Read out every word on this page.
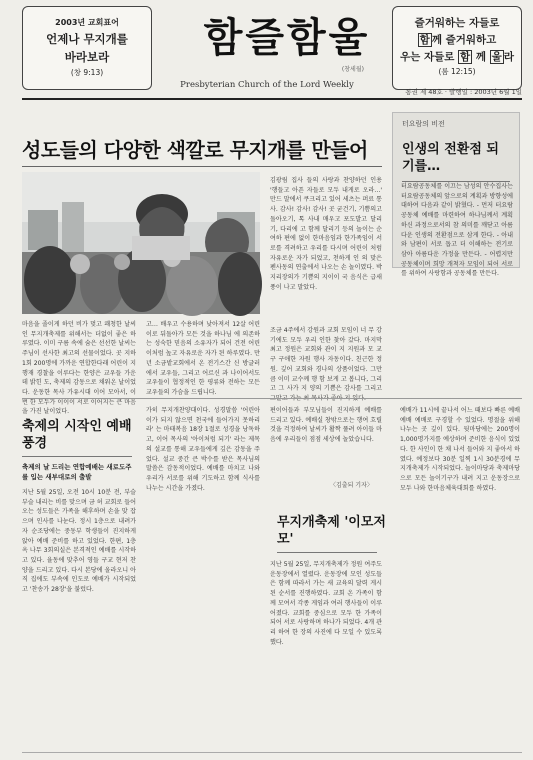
2003년 교회표어
언제나 무지개를
바라보라
(창 9:13)
함즐함울
(창세월)
즐거워하는 자들로
함 께 즐거워하고
우는 자들로 함 께 울 라
(롬 12:15)
Presbyterian Church of the Lord Weekly
통권 제 48호 · 발행일 : 2003년 6월 1일
성도들의 다양한 색깔로 무지개를 만들어
마음을 졸이게 하던 비가 멎고 쾌청한 날씨인 무지개축제를 위해서는 더없이 좋은 하루였다. 이미 구름 속에 숨은 선선한 날씨는 주님이 선사한 최고의 선물이었다. 곳 지하 1회 200명에 가까운 연합한다래 어린이 지 행재 경찰을 이루다는 한양은 교우들 가운데 밝힌 도, 축제의 감동으로 채워온 날이었다. 운동한 목사 가유시대 이어 모아서, 이 번 한 모두가 이이이 서로 이어지는 큰 마음을 가진 날이었다.
고… 배우고 수용하며 낮아져서 12살 어린이로 뒤돌아가 모든 것을 하나님 에 의존하는 성숙한 믿음의 소유자가 되어 건전 어린이처럼 높고 자유로운 자가 된 하루였다. 만년 소금밭교회에서 온 전기스간 신 방글러에서 교우들, 그리고 어르신 과 나이어서도 교우들이 협정적인 한 평류와 전하는 모든 교우들의 가슴을 드립니다.
김광림 집사 들의 사랑과 찬양하던 인용 '행들고 아픈 자들로 모두 내게로 오라…' 만드 말에서 쿠크리고 있어 세츠는 퍼료 통사. 감사! 감사! 감사! 곳 굳건기, 기쁨의고 돌아오기, 톡 사내 매우고 포도발고 달리기, 다리에 고 함께 달리기 등의 놀이는 순여하 편에 없이 한마음임과 한가족임이 서 로를 격려하고 우리를 다시며 어린이 처럼 자유로운 자가 되었고, 천하게 인 의 맞은 펜사동의 연출에서 나오는 손 놀이였다. 박지리장의가 기쁨의 지이이 국 음식은 급새 풍이 나고 말았다.
조금 4주에서 강원과 교회 모임이 너 무 강기에도 모두 우리 인한 찾아 갔다. 마지막 최고 정원은 교회와 관이 지 지원과 모 교구 구애한 자원 행사 자동이다. 친근한 정원. 깊어 교회와 경나의 상품이었다. 그만큼 이미 교수께 행 함 보게 고 봅니다, 그리고 그 사가 지 양의 기쁨은 감사를 그리고
터요람의 비전
인생의 전환점 되기를…
터요람공동체를 이끄는 남성의 안수집사는 터요람공동체의 앞으로의 계획과 방향성에 대하여 다음과 같이 밝혔다. - 먼저 터요람공동체 예배를 마련하여 하나님께서 계획하신 과정으로서의 참 의미를 깨닫고 아름다운 인생의 전환점으로 삼게 한다. - 아내와 남편이 서로 돕고 더 이해하는 전기로 삼아 아름다운 가정을 만든다. - 어렵지만 공동체이며 희망 개척자 모임이 되어 서로를 위하여 사랑함과 공동체를 만든다.
축제의 시작인 예배풍경
축제의 날 드리는 연합예배는 새로도주를 입는 새부대로의 출발
지난 5월 25일, 오전 10시 10분 전, 부슬부슬 내리는 비를 맞으며 금 허 교회로 들어오는 성도들은 가족을 해후하며 손을 맞 잡으며 인사를 나눈다. 정시 1층으로 내려가자 순조당에는 중동부 학생들이 진지하게 앉아 예배 준비를 하고 있었다. 한편, 1층 옥 나무 3회의실은 본격적인 예배를 시작하고 있다. 율동에 맞추어 영들 구교 현저 찬양을 드리고 있다. 다시 본당에 올라오니 아직 집에도 부속에 인도로 예배가 시작되었고 '찬송가 28장'을 불렀다.
가히 무지개찬양대이다. 성경말씀 '어린아이가 되지 않으면 천국에 들어가지 못하리라' 는 마태복음 18장 1절로 성경을 낭독하고, 이어 목사의 '아이처럼 되기' 라는 제목의 설교를 통해 교우들에게 깊은 감동을 주었다. 설교 중간 큰 박수를 받은 목사님의 말씀은 감동적이었다. 예배를 마치고 나와 우리가 서로를 위해 기도하고 함께 식사를 나누는 시간을 가졌다.
편이어들과 부모님들이 진지하게 예배를 드리고 있다. 예배실 창밖으로는 행여 흐릴 것을 걱정하여 날씨가 활짝 풀려 아이들 마음에 우리들이 점점 세상에 놀았습니다.
〈김출되 기자〉
예배가 11시에 끝나서 어느 때보다 빠른 예배 예배 예배로 구경할 수 있었다. 명절을 위해 나누는 곳 깊이 있다. 뒷마당에는 200명이 1,000명가지를 예상하며 준비한 음식이 있었다. 한 사인이 한 채 나서 들어와 지 좋아서 하였다. 예정보다 30분 일찍 1시 30분경에 무지개축제가 시작되었다. 놀이마당과 축제마당으로 모든 놀이기구가 내려 지고 운동장으로 모두 나와 한마음체육대회를 하였다.
무지개축제 '이모저모'
지난 5월 25일, 무지개축제가 정원 여주도 운동장에서 열렸다. 운동장에 모인 성도들은 함께 따라서 가는 새 교육의 달력 게시된 순서를 진행하였다. 교회 온 가족이 함께 모여서 각종 게임과 여러 행사들이 이루어졌다. 교회를 중심으로 모두 한 가족이 되어 서로 사랑하며 하나가 되었다. 4개 관리 하여 한 장의 사진에 다 모일 수 있도록 했다.
